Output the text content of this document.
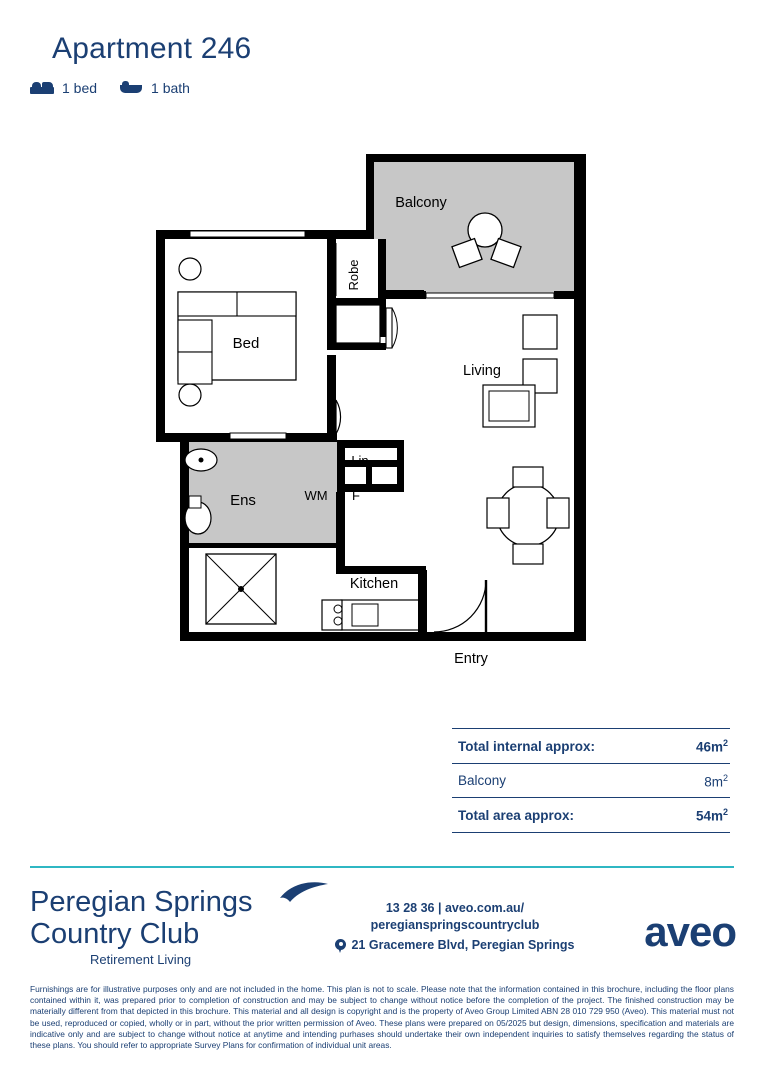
Apartment 246
1 bed	1 bath
Balcony
Robe
Bed
Living
Lin
WM F
Ens
Kitchen
Entry
Total internal approx:	$46m^2$
Balcony	$8m^2$
Total area approx:	$54m^2$
Peregian Springs
Country Club
Retirement Living
13 28 36 | aveo.com.au/
peregianspringscountryclub
21 Gracemere Blvd, Peregian Springs aveo
Furnishings are for illustrative purposes only and are not included in the home. This plan is not to scale. Please note that the information contained in this brochure, including the floor plans contained within it, was prepared prior to completion of construction and may be subject to change without notice before the completion of the project. The finished construction may be materially different from that depicted in this brochure. This material and all design is copyright and is the property of Aveo Group Limited ABN 28 010 729 950 (Aveo). This material must not be used, reproduced or copied, wholly or in part, without the prior written permission of Aveo. These plans were prepared on 05/2025 but design, dimensions, specification and materials are indicative only and are subject to change without notice at anytime and intending purhases should undertake their own independent inquiries to satisfy themselves regarding the status of these plans. You should refer to appropriate Survey Plans for confirmation of individual unit areas.
